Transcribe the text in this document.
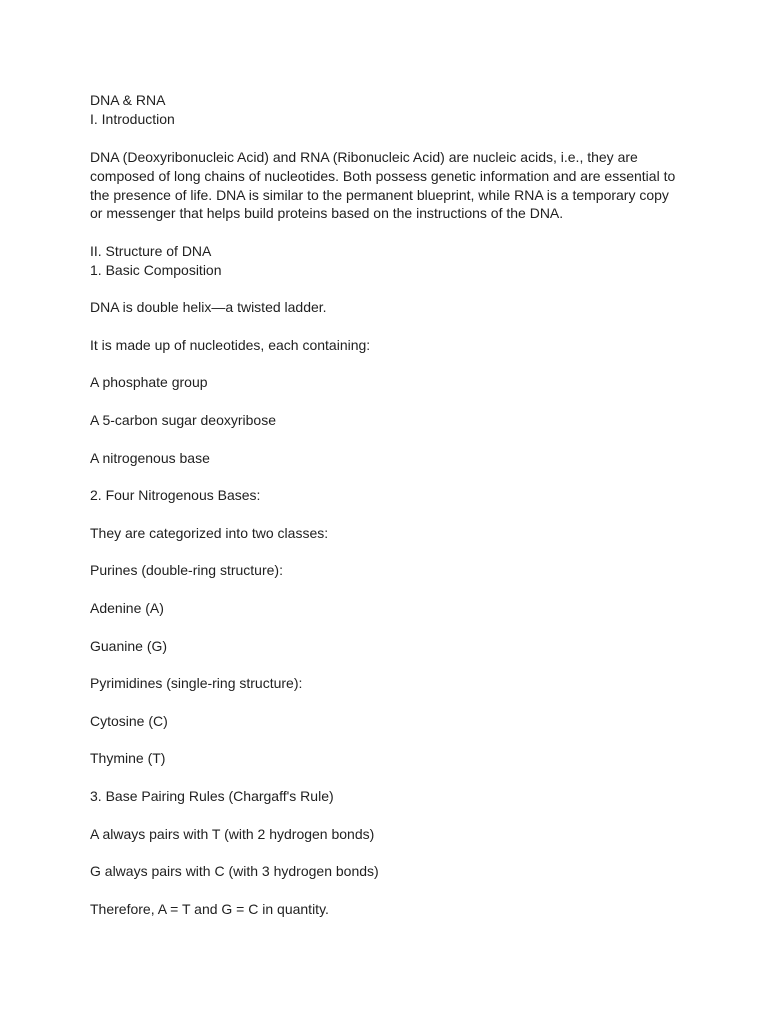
DNA & RNA
I. Introduction
DNA (Deoxyribonucleic Acid) and RNA (Ribonucleic Acid) are nucleic acids, i.e., they are
composed of long chains of nucleotides. Both possess genetic information and are essential to
the presence of life. DNA is similar to the permanent blueprint, while RNA is a temporary copy
or messenger that helps build proteins based on the instructions of the DNA.
II. Structure of DNA
1. Basic Composition
DNA is double helix—a twisted ladder.
It is made up of nucleotides, each containing:
A phosphate group
A 5-carbon sugar deoxyribose
A nitrogenous base
2. Four Nitrogenous Bases:
They are categorized into two classes:
Purines (double-ring structure):
Adenine (A)
Guanine (G)
Pyrimidines (single-ring structure):
Cytosine (C)
Thymine (T)
3. Base Pairing Rules (Chargaff's Rule)
A always pairs with T (with 2 hydrogen bonds)
G always pairs with C (with 3 hydrogen bonds)
Therefore, A = T and G = C in quantity.
